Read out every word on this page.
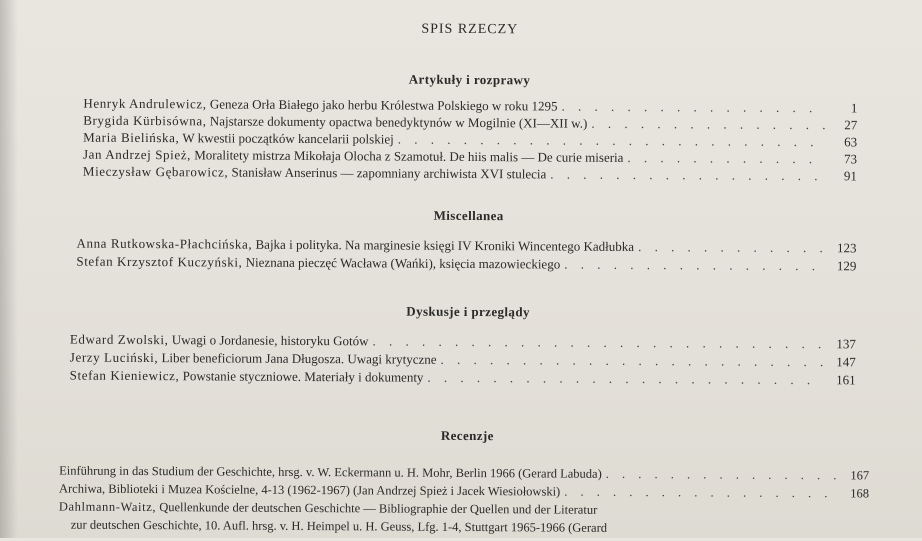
SPIS RZECZY
Artykuły i rozprawy
Henryk Andrulewicz, Geneza Orła Białego jako herbu Królestwa Polskiego w roku 1295 . . .	1
Brygida Kürbisówna, Najstarsze dokumenty opactwa benedyktynów w Mogilnie (XI—XII w.) . . .	27
Maria Bielińska, W kwestii początków kancelarii polskiej . . .	63
Jan Andrzej Spież, Moralitety mistrza Mikołaja Olocha z Szamotuł. De hiis malis — De curie miseria . . .	73
Mieczysław Gębarowicz, Stanisław Anserinus — zapomniany archiwista XVI stulecia . . .	91
Miscellanea
Anna Rutkowska-Płachcińska, Bajka i polityka. Na marginesie księgi IV Kroniki Wincentego Kadłubka . . .	123
Stefan Krzysztof Kuczyński, Nieznana pieczęć Wacława (Wańki), księcia mazowieckiego . . .	129
Dyskusje i przeglądy
Edward Zwolski, Uwagi o Jordanesie, historyku Gotów . . .	137
Jerzy Luciński, Liber beneficiorum Jana Długosza. Uwagi krytyczne . . .	147
Stefan Kieniewicz, Powstanie styczniowe. Materiały i dokumenty . . .	161
Recenzje
Einführung in das Studium der Geschichte, hrsg. v. W. Eckermann u. H. Mohr, Berlin 1966 (Gerard Labuda) . . .	167
Archiwa, Biblioteki i Muzea Kościelne, 4-13 (1962-1967) (Jan Andrzej Spież i Jacek Wiesiołowski) . . .	168
Dahlmann-Waitz, Quellenkunde der deutschen Geschichte — Bibliographie der Quellen und der Literatur
zur deutschen Geschichte, 10. Aufl. hrsg. v. H. Heimpel u. H. Geuss, Lfg. 1-4, Stuttgart 1965-1966 (Gerard
